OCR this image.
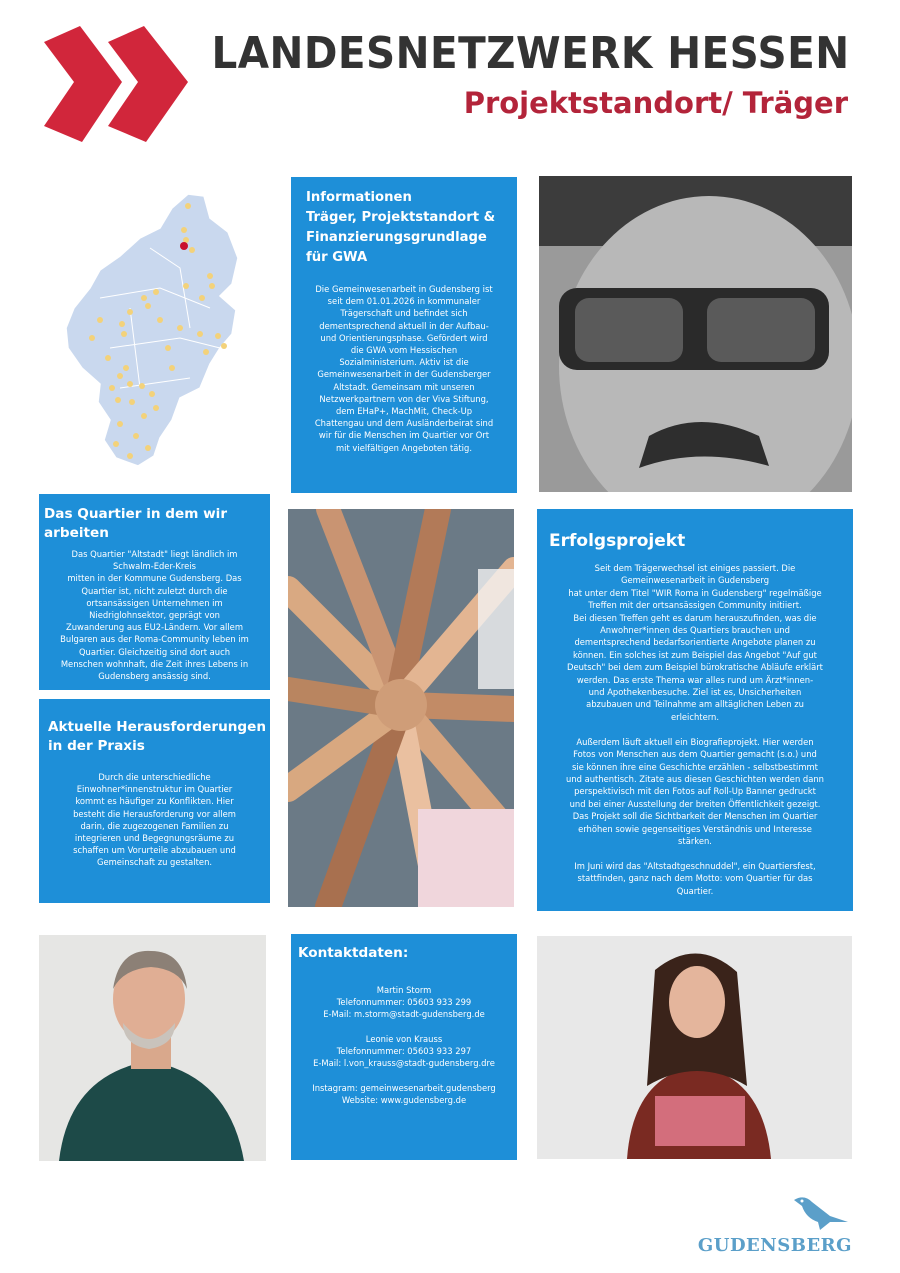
LANDESNETZWERK HESSEN
Projektstandort/ Träger
Informationen
Träger, Projektstandort &
Finanzierungsgrundlage
für GWA
Die Gemeinwesenarbeit in Gudensberg ist
seit dem 01.01.2026 in kommunaler
Trägerschaft und befindet sich
dementsprechend aktuell in der Aufbau-
und Orientierungsphase. Gefördert wird
die GWA vom Hessischen
Sozialministerium. Aktiv ist die
Gemeinwesenarbeit in der Gudensberger
Altstadt. Gemeinsam mit unseren
Netzwerkpartnern von der Viva Stiftung,
dem EHaP+, MachMit, Check-Up
Chattengau und dem Ausländerbeirat sind
wir für die Menschen im Quartier vor Ort
mit vielfältigen Angeboten tätig.
Das Quartier in dem wir arbeiten
Das Quartier "Altstadt" liegt ländlich im
Schwalm-Eder-Kreis
mitten in der Kommune Gudensberg. Das
Quartier ist, nicht zuletzt durch die
ortsansässigen Unternehmen im
Niedriglohnsektor, geprägt von
Zuwanderung aus EU2-Ländern. Vor allem
Bulgaren aus der Roma-Community leben im
Quartier. Gleichzeitig sind dort auch
Menschen wohnhaft, die Zeit ihres Lebens in
Gudensberg ansässig sind.
Aktuelle Herausforderungen
in der Praxis
Durch die unterschiedliche
Einwohner*innenstruktur im Quartier
kommt es häufiger zu Konflikten. Hier
besteht die Herausforderung vor allem
darin, die zugezogenen Familien zu
integrieren und Begegnungsräume zu
schaffen um Vorurteile abzubauen und
Gemeinschaft zu gestalten.
Erfolgsprojekt
Seit dem Trägerwechsel ist einiges passiert. Die
Gemeinwesenarbeit in Gudensberg
hat unter dem Titel "WIR Roma in Gudensberg" regelmäßige
Treffen mit der ortsansässigen Community initiiert.
Bei diesen Treffen geht es darum herauszufinden, was die
Anwohner*innen des Quartiers brauchen und
dementsprechend bedarfsorientierte Angebote planen zu
können. Ein solches ist zum Beispiel das Angebot "Auf gut
Deutsch" bei dem zum Beispiel bürokratische Abläufe erklärt
werden. Das erste Thema war alles rund um Ärzt*innen-
und Apothekenbesuche. Ziel ist es, Unsicherheiten
abzubauen und Teilnahme am alltäglichen Leben zu
erleichtern.

Außerdem läuft aktuell ein Biografieprojekt. Hier werden
Fotos von Menschen aus dem Quartier gemacht (s.o.) und
sie können ihre eine Geschichte erzählen - selbstbestimmt
und authentisch. Zitate aus diesen Geschichten werden dann
perspektivisch mit den Fotos auf Roll-Up Banner gedruckt
und bei einer Ausstellung der breiten Öffentlichkeit gezeigt.
Das Projekt soll die Sichtbarkeit der Menschen im Quartier
erhöhen sowie gegenseitiges Verständnis und Interesse
stärken.

Im Juni wird das "Altstadtgeschnuddel", ein Quartiersfest,
stattfinden, ganz nach dem Motto: vom Quartier für das
Quartier.
Kontaktdaten:
Martin Storm
Telefonnummer: 05603 933 299
E-Mail: m.storm@stadt-gudensberg.de

Leonie von Krauss
Telefonnummer: 05603 933 297
E-Mail: l.von_krauss@stadt-gudensberg.dre

Instagram: gemeinwesenarbeit.gudensberg
Website: www.gudensberg.de
GUDENSBERG
